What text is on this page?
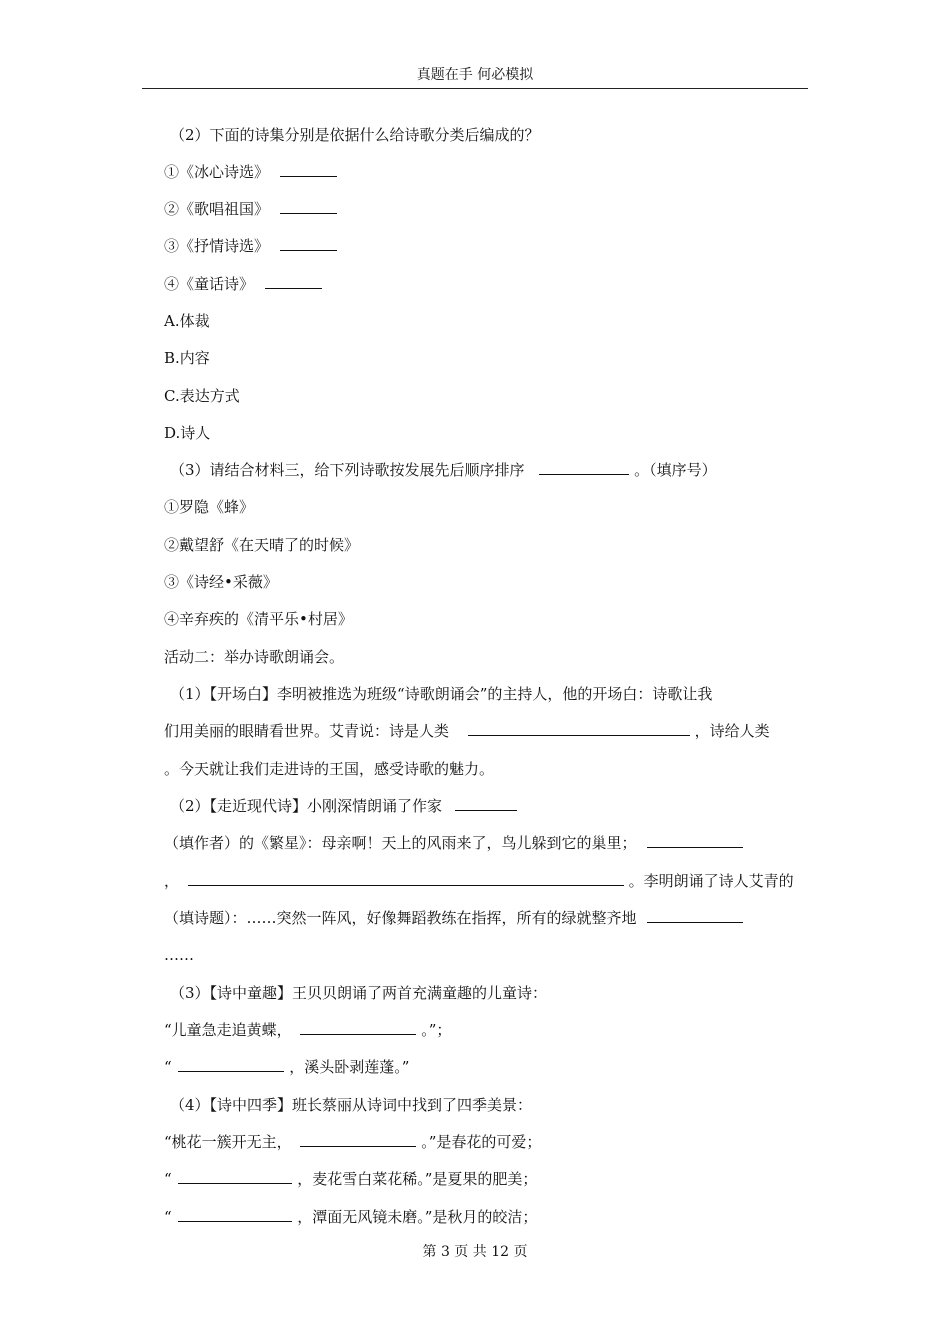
真题在手 何必模拟
（2）下面的诗集分别是依据什么给诗歌分类后编成的？
①《冰心诗选》
②《歌唱祖国》
③《抒情诗选》
④《童话诗》
A.体裁
B.内容
C.表达方式
D.诗人
（3）请结合材料三，给下列诗歌按发展先后顺序排序	。（填序号）
①罗隐《蜂》
②戴望舒《在天晴了的时候》
③《诗经•采薇》
④辛弃疾的《清平乐•村居》
活动二：举办诗歌朗诵会。
（1）【开场白】李明被推选为班级“诗歌朗诵会”的主持人，他的开场白：诗歌让我
们用美丽的眼睛看世界。艾青说：诗是人类	，诗给人类
。今天就让我们走进诗的王国，感受诗歌的魅力。
（2）【走近现代诗】小刚深情朗诵了作家
（填作者）的《繁星》：母亲啊！天上的风雨来了，鸟儿躲到它的巢里；
，	。李明朗诵了诗人艾青的
（填诗题）：……突然一阵风，好像舞蹈教练在指挥，所有的绿就整齐地
……
（3）【诗中童趣】王贝贝朗诵了两首充满童趣的儿童诗：
“儿童急走追黄蝶，	。”；
“	，溪头卧剥莲蓬。”
（4）【诗中四季】班长蔡丽从诗词中找到了四季美景：
“桃花一簇开无主，	。”是春花的可爱；
“	，麦花雪白菜花稀。”是夏果的肥美；
“	，潭面无风镜未磨。”是秋月的皎洁；
第 3 页 共 12 页
